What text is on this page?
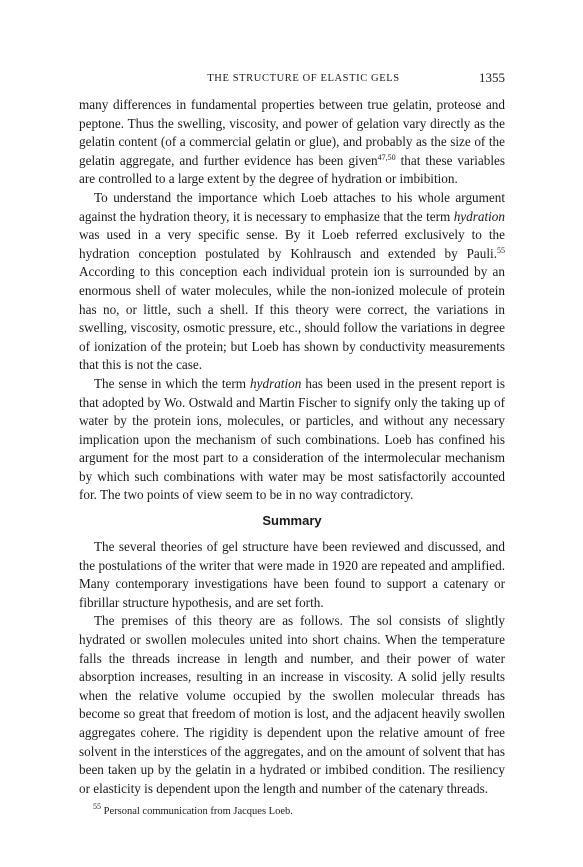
THE STRUCTURE OF ELASTIC GELS	1355

many differences in fundamental properties between true gelatin, proteose and peptone. Thus the swelling, viscosity, and power of gelation vary directly as the gelatin content (of a commercial gelatin or glue), and probably as the size of the gelatin aggregate, and further evidence has been given$^{47,50}$ that these variables are controlled to a large extent by the degree of hydration or imbibition.

To understand the importance which Loeb attaches to his whole argument against the hydration theory, it is necessary to emphasize that the term hydration was used in a very specific sense. By it Loeb referred exclusively to the hydration conception postulated by Kohlrausch and extended by Pauli.$^{55}$ According to this conception each individual protein ion is surrounded by an enormous shell of water molecules, while the non-ionized molecule of protein has no, or little, such a shell. If this theory were correct, the variations in swelling, viscosity, osmotic pressure, etc., should follow the variations in degree of ionization of the protein; but Loeb has shown by conductivity measurements that this is not the case.

The sense in which the term hydration has been used in the present report is that adopted by Wo. Ostwald and Martin Fischer to signify only the taking up of water by the protein ions, molecules, or particles, and without any necessary implication upon the mechanism of such combinations. Loeb has confined his argument for the most part to a consideration of the intermolecular mechanism by which such combinations with water may be most satisfactorily accounted for. The two points of view seem to be in no way contradictory.

Summary

The several theories of gel structure have been reviewed and discussed, and the postulations of the writer that were made in 1920 are repeated and amplified. Many contemporary investigations have been found to support a catenary or fibrillar structure hypothesis, and are set forth.

The premises of this theory are as follows. The sol consists of slightly hydrated or swollen molecules united into short chains. When the temperature falls the threads increase in length and number, and their power of water absorption increases, resulting in an increase in viscosity. A solid jelly results when the relative volume occupied by the swollen molecular threads has become so great that freedom of motion is lost, and the adjacent heavily swollen aggregates cohere. The rigidity is dependent upon the relative amount of free solvent in the interstices of the aggregates, and on the amount of solvent that has been taken up by the gelatin in a hydrated or imbibed condition. The resiliency or elasticity is dependent upon the length and number of the catenary threads.

$^{55}$ Personal communication from Jacques Loeb.
